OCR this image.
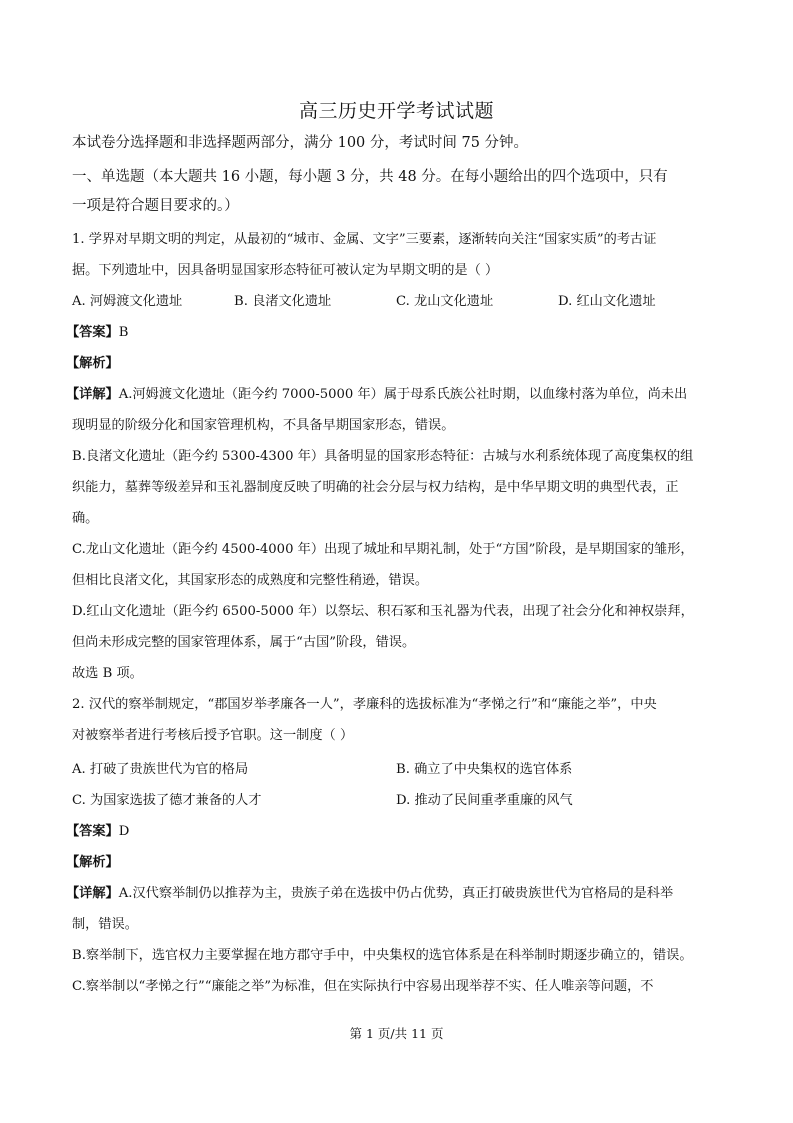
高三历史开学考试试题
本试卷分选择题和非选择题两部分，满分 100 分，考试时间 75 分钟。
一、单选题（本大题共 16 小题，每小题 3 分，共 48 分。在每小题给出的四个选项中，只有
一项是符合题目要求的。）
1. 学界对早期文明的判定，从最初的“城市、金属、文字”三要素，逐渐转向关注“国家实质”的考古证
据。下列遗址中，因具备明显国家形态特征可被认定为早期文明的是（ ）
A. 河姆渡文化遗址	B. 良渚文化遗址	C. 龙山文化遗址	D. 红山文化遗址
【答案】B
【解析】
【详解】A.河姆渡文化遗址（距今约 7000-5000 年）属于母系氏族公社时期，以血缘村落为单位，尚未出
现明显的阶级分化和国家管理机构，不具备早期国家形态，错误。
B.良渚文化遗址（距今约 5300-4300 年）具备明显的国家形态特征：古城与水利系统体现了高度集权的组
织能力，墓葬等级差异和玉礼器制度反映了明确的社会分层与权力结构，是中华早期文明的典型代表，正
确。
C.龙山文化遗址（距今约 4500-4000 年）出现了城址和早期礼制，处于“方国”阶段，是早期国家的雏形，
但相比良渚文化，其国家形态的成熟度和完整性稍逊，错误。
D.红山文化遗址（距今约 6500-5000 年）以祭坛、积石冢和玉礼器为代表，出现了社会分化和神权崇拜，
但尚未形成完整的国家管理体系，属于“古国”阶段，错误。
故选 B 项。
2. 汉代的察举制规定，“郡国岁举孝廉各一人”，孝廉科的选拔标准为“孝悌之行”和“廉能之举”，中央
对被察举者进行考核后授予官职。这一制度（ ）
A. 打破了贵族世代为官的格局	B. 确立了中央集权的选官体系
C. 为国家选拔了德才兼备的人才	D. 推动了民间重孝重廉的风气
【答案】D
【解析】
【详解】A.汉代察举制仍以推荐为主，贵族子弟在选拔中仍占优势，真正打破贵族世代为官格局的是科举
制，错误。
B.察举制下，选官权力主要掌握在地方郡守手中，中央集权的选官体系是在科举制时期逐步确立的，错误。
C.察举制以“孝悌之行”“廉能之举”为标准，但在实际执行中容易出现举荐不实、任人唯亲等问题，不
第 1 页/共 11 页
